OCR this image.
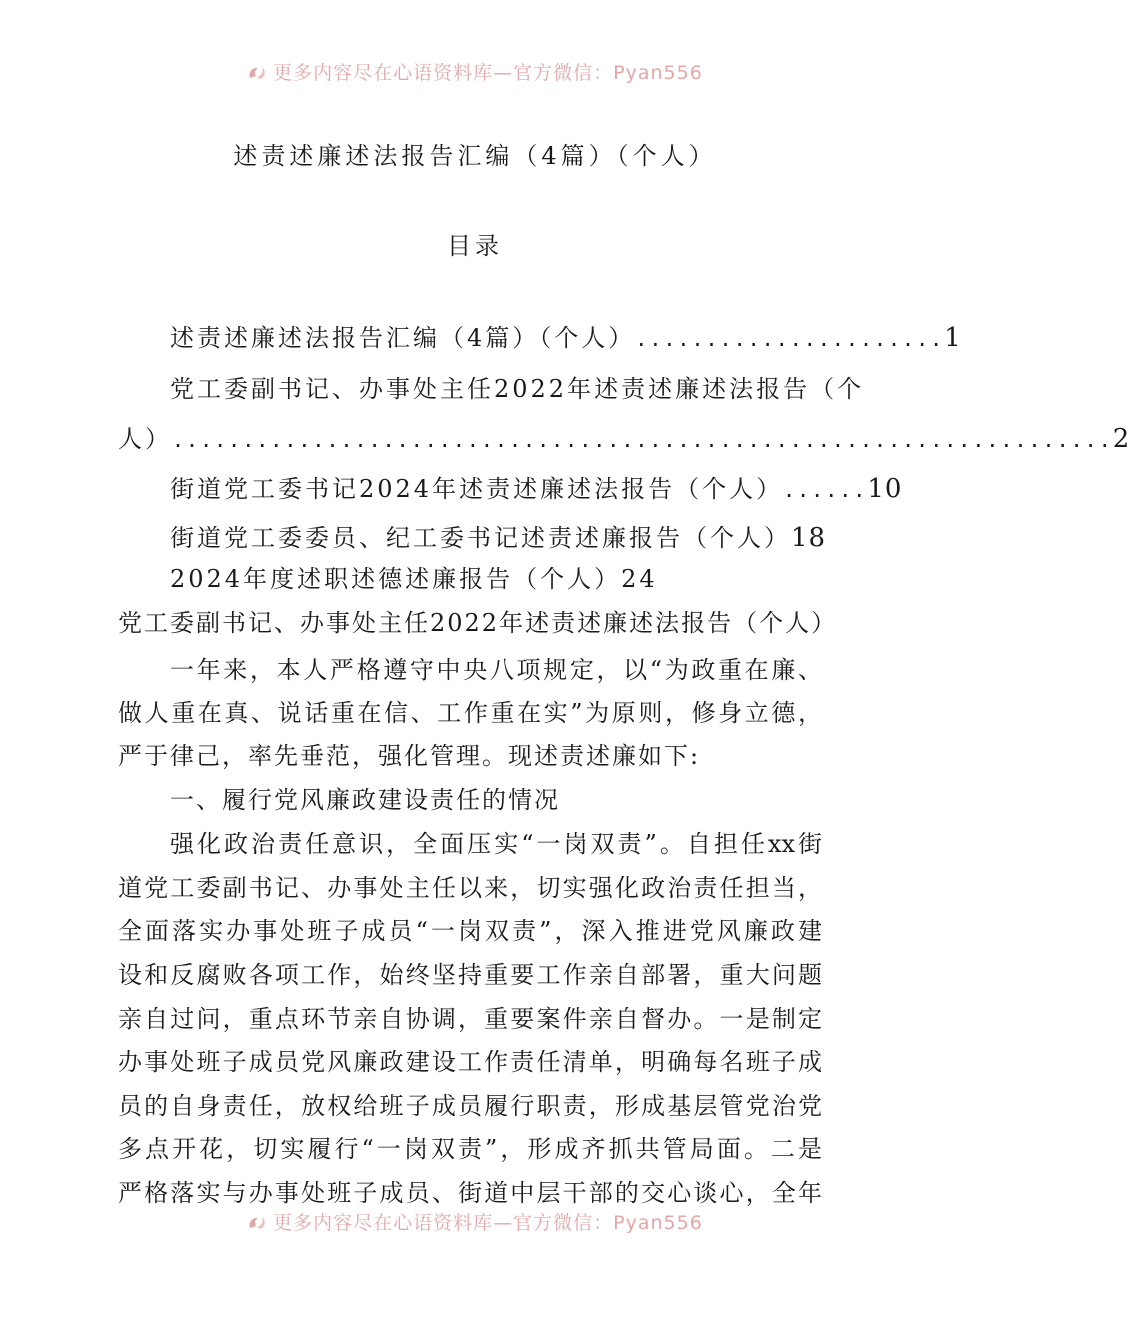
更多内容尽在心语资料库—官方微信：Pyan556
述责述廉述法报告汇编（4篇）（个人）
目录
述责述廉述法报告汇编（4篇）（个人） ...................... 1
党工委副书记、办事处主任2022年述责述廉述法报告（个
人） ................................................................... 2
街道党工委书记2024年述责述廉述法报告（个人） ...... 10
街道党工委委员、纪工委书记述责述廉报告（个人） 18
2024年度述职述德述廉报告（个人）24
党工委副书记、办事处主任2022年述责述廉述法报告（个人）
一年来，本人严格遵守中央八项规定，以“为政重在廉、
做人重在真、说话重在信、工作重在实”为原则，修身立德，
严于律己，率先垂范，强化管理。现述责述廉如下:
一、履行党风廉政建设责任的情况
强化政治责任意识，全面压实“一岗双责”。自担任xx街
道党工委副书记、办事处主任以来，切实强化政治责任担当，
全面落实办事处班子成员“一岗双责”，深入推进党风廉政建
设和反腐败各项工作，始终坚持重要工作亲自部署，重大问题
亲自过问，重点环节亲自协调，重要案件亲自督办。一是制定
办事处班子成员党风廉政建设工作责任清单，明确每名班子成
员的自身责任，放权给班子成员履行职责，形成基层管党治党
多点开花，切实履行“一岗双责”，形成齐抓共管局面。二是
严格落实与办事处班子成员、街道中层干部的交心谈心，全年
更多内容尽在心语资料库—官方微信：Pyan556
